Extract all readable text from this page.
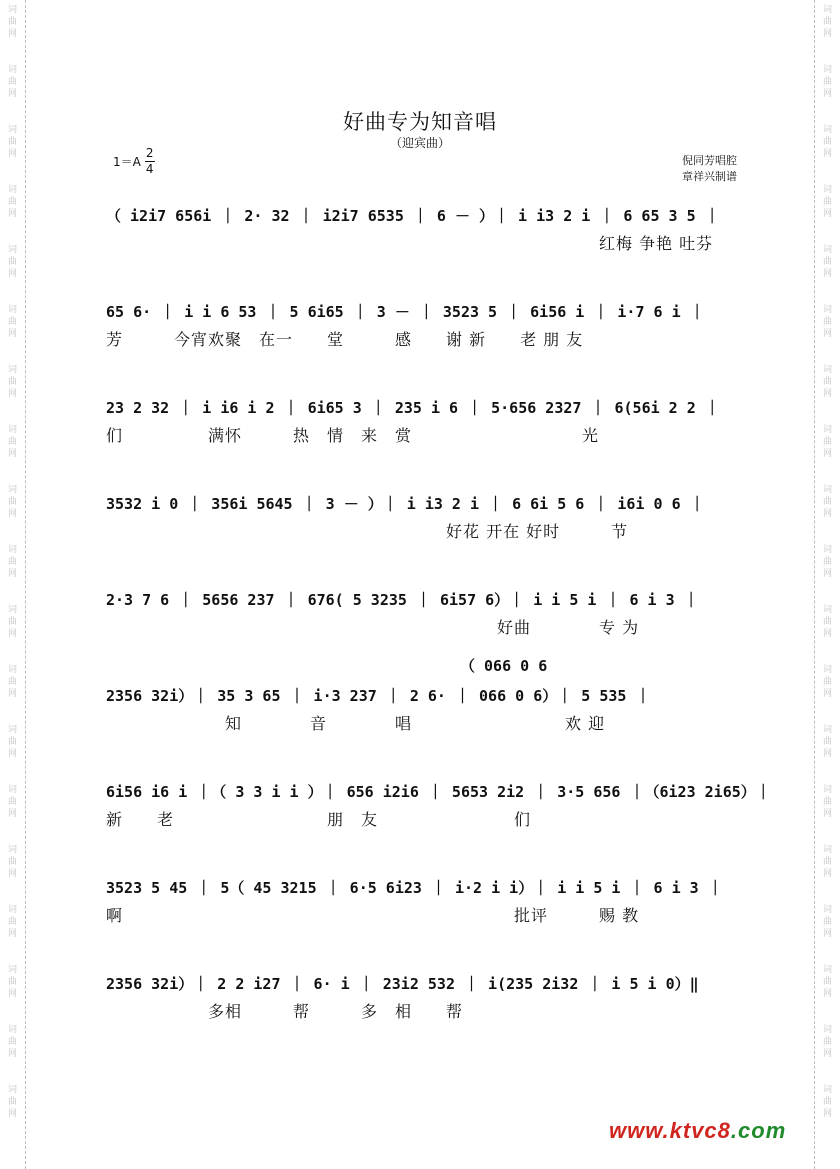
词
曲
网
词
曲
网
词
曲
网
词
曲
网
词
曲
网
词
曲
网
词
曲
网
词
曲
网
词
曲
网
词
曲
网
词
曲
网
词
曲
网
词
曲
网
词
曲
网
词
曲
网
词
曲
网
词
曲
网
词
曲
网
词
曲
网
词
曲
网
词
曲
网
词
曲
网
词
曲
网
词
曲
网
词
曲
网
词
曲
网
词
曲
网
词
曲
网
词
曲
网
词
曲
网
词
曲
网
词
曲
网
词
曲
网
词
曲
网
词
曲
网
词
曲
网
词
曲
网
词
曲
网
好曲专为知音唱
（迎宾曲）
$1=A \frac{2}{4}$	倪同芳唱腔
章祥兴制谱
（ i2i7 656i ｜ 2· 32 ｜ i2i7 6535 ｜ 6 － ）｜ i i3 2 i ｜ 6 65 3 5 ｜
　　　　　　　　　　　　　　　　　　　　　　　　　　　　　红梅 争艳 吐芬
65 6· ｜ i i 6 53 ｜ 5 6i65 ｜ 3 － ｜ 3523 5 ｜ 6i56 i ｜ i·7 6 i ｜
芳　　　今宵欢聚　在一　　堂　　　感　　谢 新　　老 朋 友
23 2 32 ｜ i i6 i 2 ｜ 6i65 3 ｜ 235 i 6 ｜ 5·656 2327 ｜ 6(56i 2 2 ｜
们　　　　　满怀　　　热　情　来　赏　　　　　　　　　　光
3532 i 0 ｜ 356i 5645 ｜ 3 － ）｜ i i3 2 i ｜ 6 6i 5 6 ｜ i6i 0 6 ｜
　　　　　　　　　　　　　　　　　　　　好花 开在 好时　　　节
2·3 7 6 ｜ 5656 237 ｜ 676( 5 3235 ｜ 6i57 6）｜ i i 5 i ｜ 6 i 3 ｜
　　　　　　　　　　　　　　　　　　　　　　　好曲　　　　专 为
（ 066 0 6
2356 32i）｜ 35 3 65 ｜ i·3 237 ｜ 2 6· ｜ 066 0 6）｜ 5 535 ｜
　　　　　　　知　　　　音　　　　唱　　　　　　　　　欢 迎
6i56 i6 i ｜（ 3 3 i i ）｜ 656 i2i6 ｜ 5653 2i2 ｜ 3·5 656 ｜（6i23 2i65）｜
新　　老　　　　　　　　　朋　友　　　　　　　　们
3523 5 45 ｜ 5（ 45 3215 ｜ 6·5 6i23 ｜ i·2 i i）｜ i i 5 i ｜ 6 i 3 ｜
啊　　　　　　　　　　　　　　　　　　　　　　　批评　　　赐 教
2356 32i）｜ 2 2 i27 ｜ 6· i ｜ 23i2 532 ｜ i(235 2i32 ｜ i 5 i 0）‖
　　　　　　多相　　　帮　　　多　相　　帮
www.ktvc8.com
